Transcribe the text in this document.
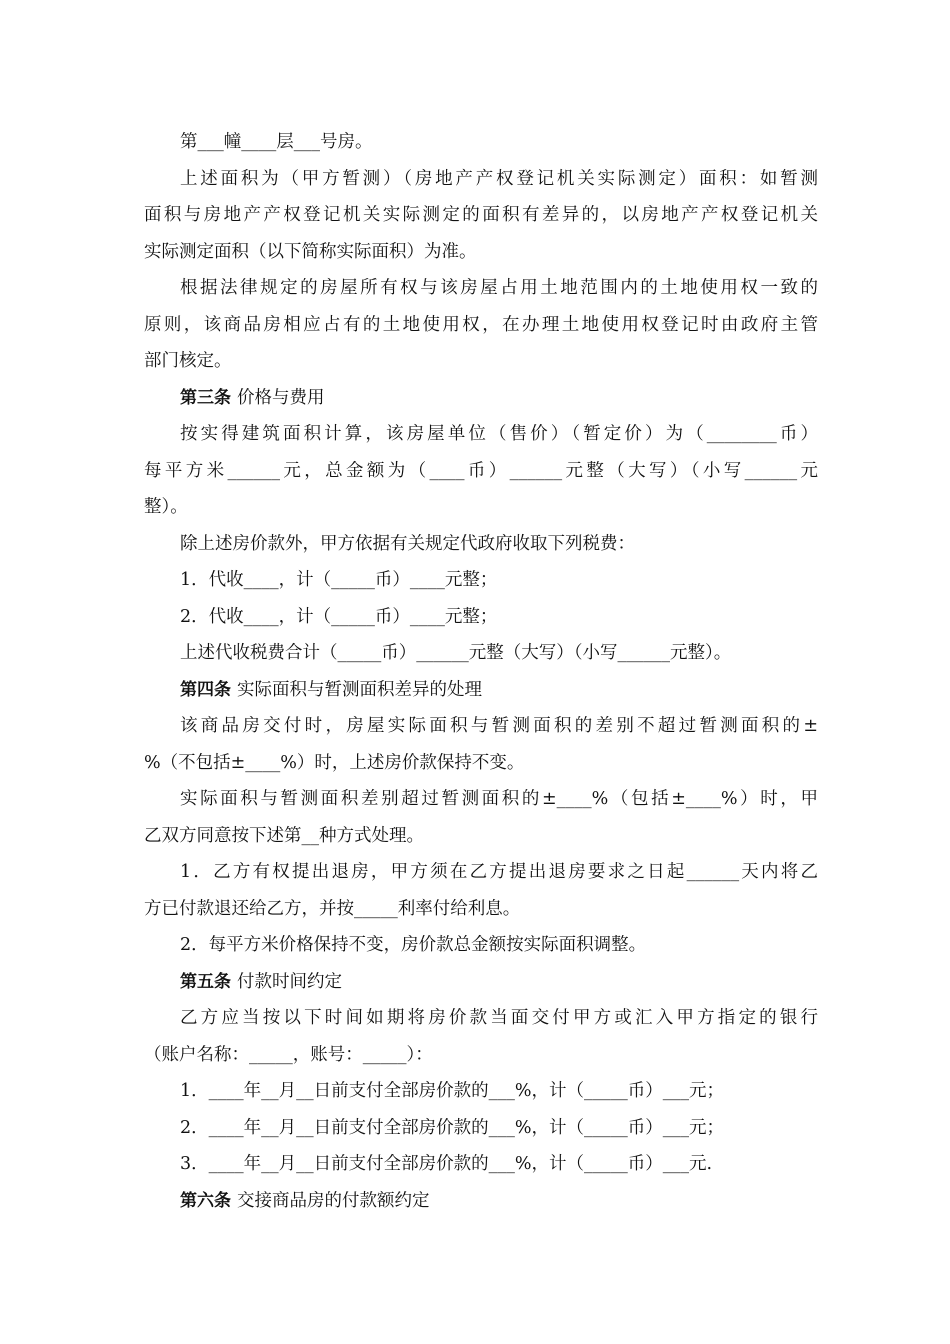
第___幢____层___号房。
上述面积为（甲方暂测）（房地产产权登记机关实际测定）面积：如暂测
面积与房地产产权登记机关实际测定的面积有差异的，以房地产产权登记机关
实际测定面积（以下简称实际面积）为准。
根据法律规定的房屋所有权与该房屋占用土地范围内的土地使用权一致的
原则，该商品房相应占有的土地使用权，在办理土地使用权登记时由政府主管
部门核定。
第三条 价格与费用
按实得建筑面积计算，该房屋单位（售价）（暂定价）为（________币）
每平方米______元，总金额为（____币）______元整（大写）（小写______元
整）。
除上述房价款外，甲方依据有关规定代政府收取下列税费：
1．代收____，计（_____币）____元整；
2．代收____，计（_____币）____元整；
上述代收税费合计（_____币）______元整（大写）（小写______元整）。
第四条 实际面积与暂测面积差异的处理
该商品房交付时，房屋实际面积与暂测面积的差别不超过暂测面积的±
%（不包括±____%）时，上述房价款保持不变。
实际面积与暂测面积差别超过暂测面积的±____%（包括±____%）时，甲
乙双方同意按下述第__种方式处理。
1．乙方有权提出退房，甲方须在乙方提出退房要求之日起______天内将乙
方已付款退还给乙方，并按_____利率付给利息。
2．每平方米价格保持不变，房价款总金额按实际面积调整。
第五条 付款时间约定
乙方应当按以下时间如期将房价款当面交付甲方或汇入甲方指定的银行
（账户名称：_____，账号：_____）：
1．____年__月__日前支付全部房价款的___%，计（_____币）___元；
2．____年__月__日前支付全部房价款的___%，计（_____币）___元；
3．____年__月__日前支付全部房价款的___%，计（_____币）___元.
第六条 交接商品房的付款额约定
